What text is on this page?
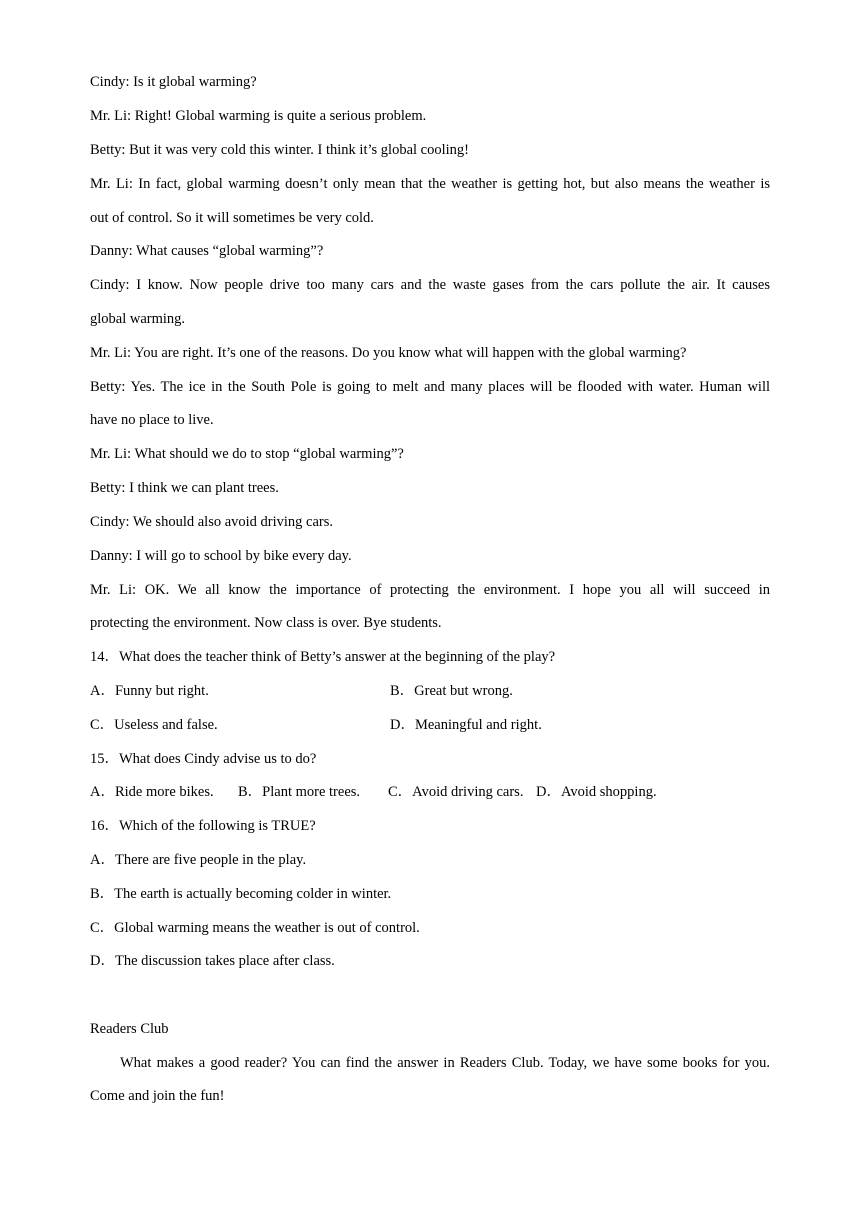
Cindy: Is it global warming?
Mr. Li: Right! Global warming is quite a serious problem.
Betty: But it was very cold this winter. I think it’s global cooling!
Mr. Li: In fact, global warming doesn’t only mean that the weather is getting hot, but also means the weather is
out of control. So it will sometimes be very cold.
Danny: What causes “global warming”?
Cindy: I know. Now people drive too many cars and the waste gases from the cars pollute the air. It causes
global warming.
Mr. Li: You are right. It’s one of the reasons. Do you know what will happen with the global warming?
Betty: Yes. The ice in the South Pole is going to melt and many places will be flooded with water. Human will
have no place to live.
Mr. Li: What should we do to stop “global warming”?
Betty: I think we can plant trees.
Cindy: We should also avoid driving cars.
Danny: I will go to school by bike every day.
Mr. Li: OK. We all know the importance of protecting the environment. I hope you all will succeed in
protecting the environment. Now class is over. Bye students.
14．What does the teacher think of Betty’s answer at the beginning of the play?
A．Funny but right.	B．Great but wrong.
C．Useless and false.	D．Meaningful and right.
15．What does Cindy advise us to do?
A．Ride more bikes. B．Plant more trees. C．Avoid driving cars. D．Avoid shopping.
16．Which of the following is TRUE?
A．There are five people in the play.
B．The earth is actually becoming colder in winter.
C．Global warming means the weather is out of control.
D．The discussion takes place after class.
Readers Club
What makes a good reader? You can find the answer in Readers Club. Today, we have some books for you.
Come and join the fun!
